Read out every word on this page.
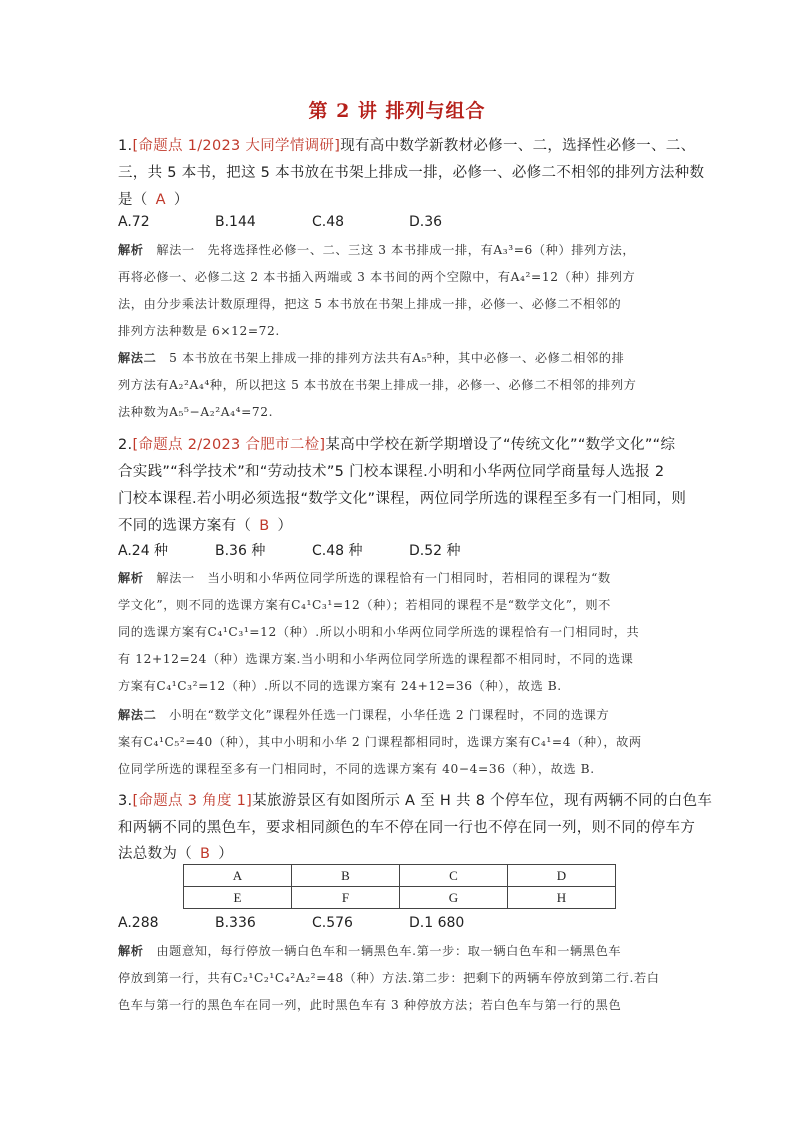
第 2 讲 排列与组合
1.[命题点 1/2023 大同学情调研]现有高中数学新教材必修一、二，选择性必修一、二、
三，共 5 本书，把这 5 本书放在书架上排成一排，必修一、必修二不相邻的排列方法种数
是（ A ）
A.72	B.144	C.48	D.36
解析　解法一　先将选择性必修一、二、三这 3 本书排成一排，有A₃³=6（种）排列方法，
再将必修一、必修二这 2 本书插入两端或 3 本书间的两个空隙中，有A₄²=12（种）排列方
法，由分步乘法计数原理得，把这 5 本书放在书架上排成一排，必修一、必修二不相邻的
排列方法种数是 6×12=72.
解法二　5 本书放在书架上排成一排的排列方法共有A₅⁵种，其中必修一、必修二相邻的排
列方法有A₂²A₄⁴种，所以把这 5 本书放在书架上排成一排，必修一、必修二不相邻的排列方
法种数为A₅⁵−A₂²A₄⁴=72.
2.[命题点 2/2023 合肥市二检]某高中学校在新学期增设了“传统文化”“数学文化”“综
合实践”“科学技术”和“劳动技术”5 门校本课程.小明和小华两位同学商量每人选报 2
门校本课程.若小明必须选报“数学文化”课程，两位同学所选的课程至多有一门相同，则
不同的选课方案有（ B ）
A.24 种	B.36 种	C.48 种	D.52 种
解析　解法一　当小明和小华两位同学所选的课程恰有一门相同时，若相同的课程为“数
学文化”，则不同的选课方案有C₄¹C₃¹=12（种）；若相同的课程不是“数学文化”，则不
同的选课方案有C₄¹C₃¹=12（种）.所以小明和小华两位同学所选的课程恰有一门相同时，共
有 12+12=24（种）选课方案.当小明和小华两位同学所选的课程都不相同时，不同的选课
方案有C₄¹C₃²=12（种）.所以不同的选课方案有 24+12=36（种），故选 B.
解法二　小明在“数学文化”课程外任选一门课程，小华任选 2 门课程时，不同的选课方
案有C₄¹C₅²=40（种），其中小明和小华 2 门课程都相同时，选课方案有C₄¹=4（种），故两
位同学所选的课程至多有一门相同时，不同的选课方案有 40−4=36（种），故选 B.
3.[命题点 3 角度 1]某旅游景区有如图所示 A 至 H 共 8 个停车位，现有两辆不同的白色车
和两辆不同的黑色车，要求相同颜色的车不停在同一行也不停在同一列，则不同的停车方
法总数为（ B ）
A	B	C	D
E	F	G	H
A.288	B.336	C.576	D.1 680
解析　由题意知，每行停放一辆白色车和一辆黑色车.第一步：取一辆白色车和一辆黑色车
停放到第一行，共有C₂¹C₂¹C₄²A₂²=48（种）方法.第二步：把剩下的两辆车停放到第二行.若白
色车与第一行的黑色车在同一列，此时黑色车有 3 种停放方法；若白色车与第一行的黑色
